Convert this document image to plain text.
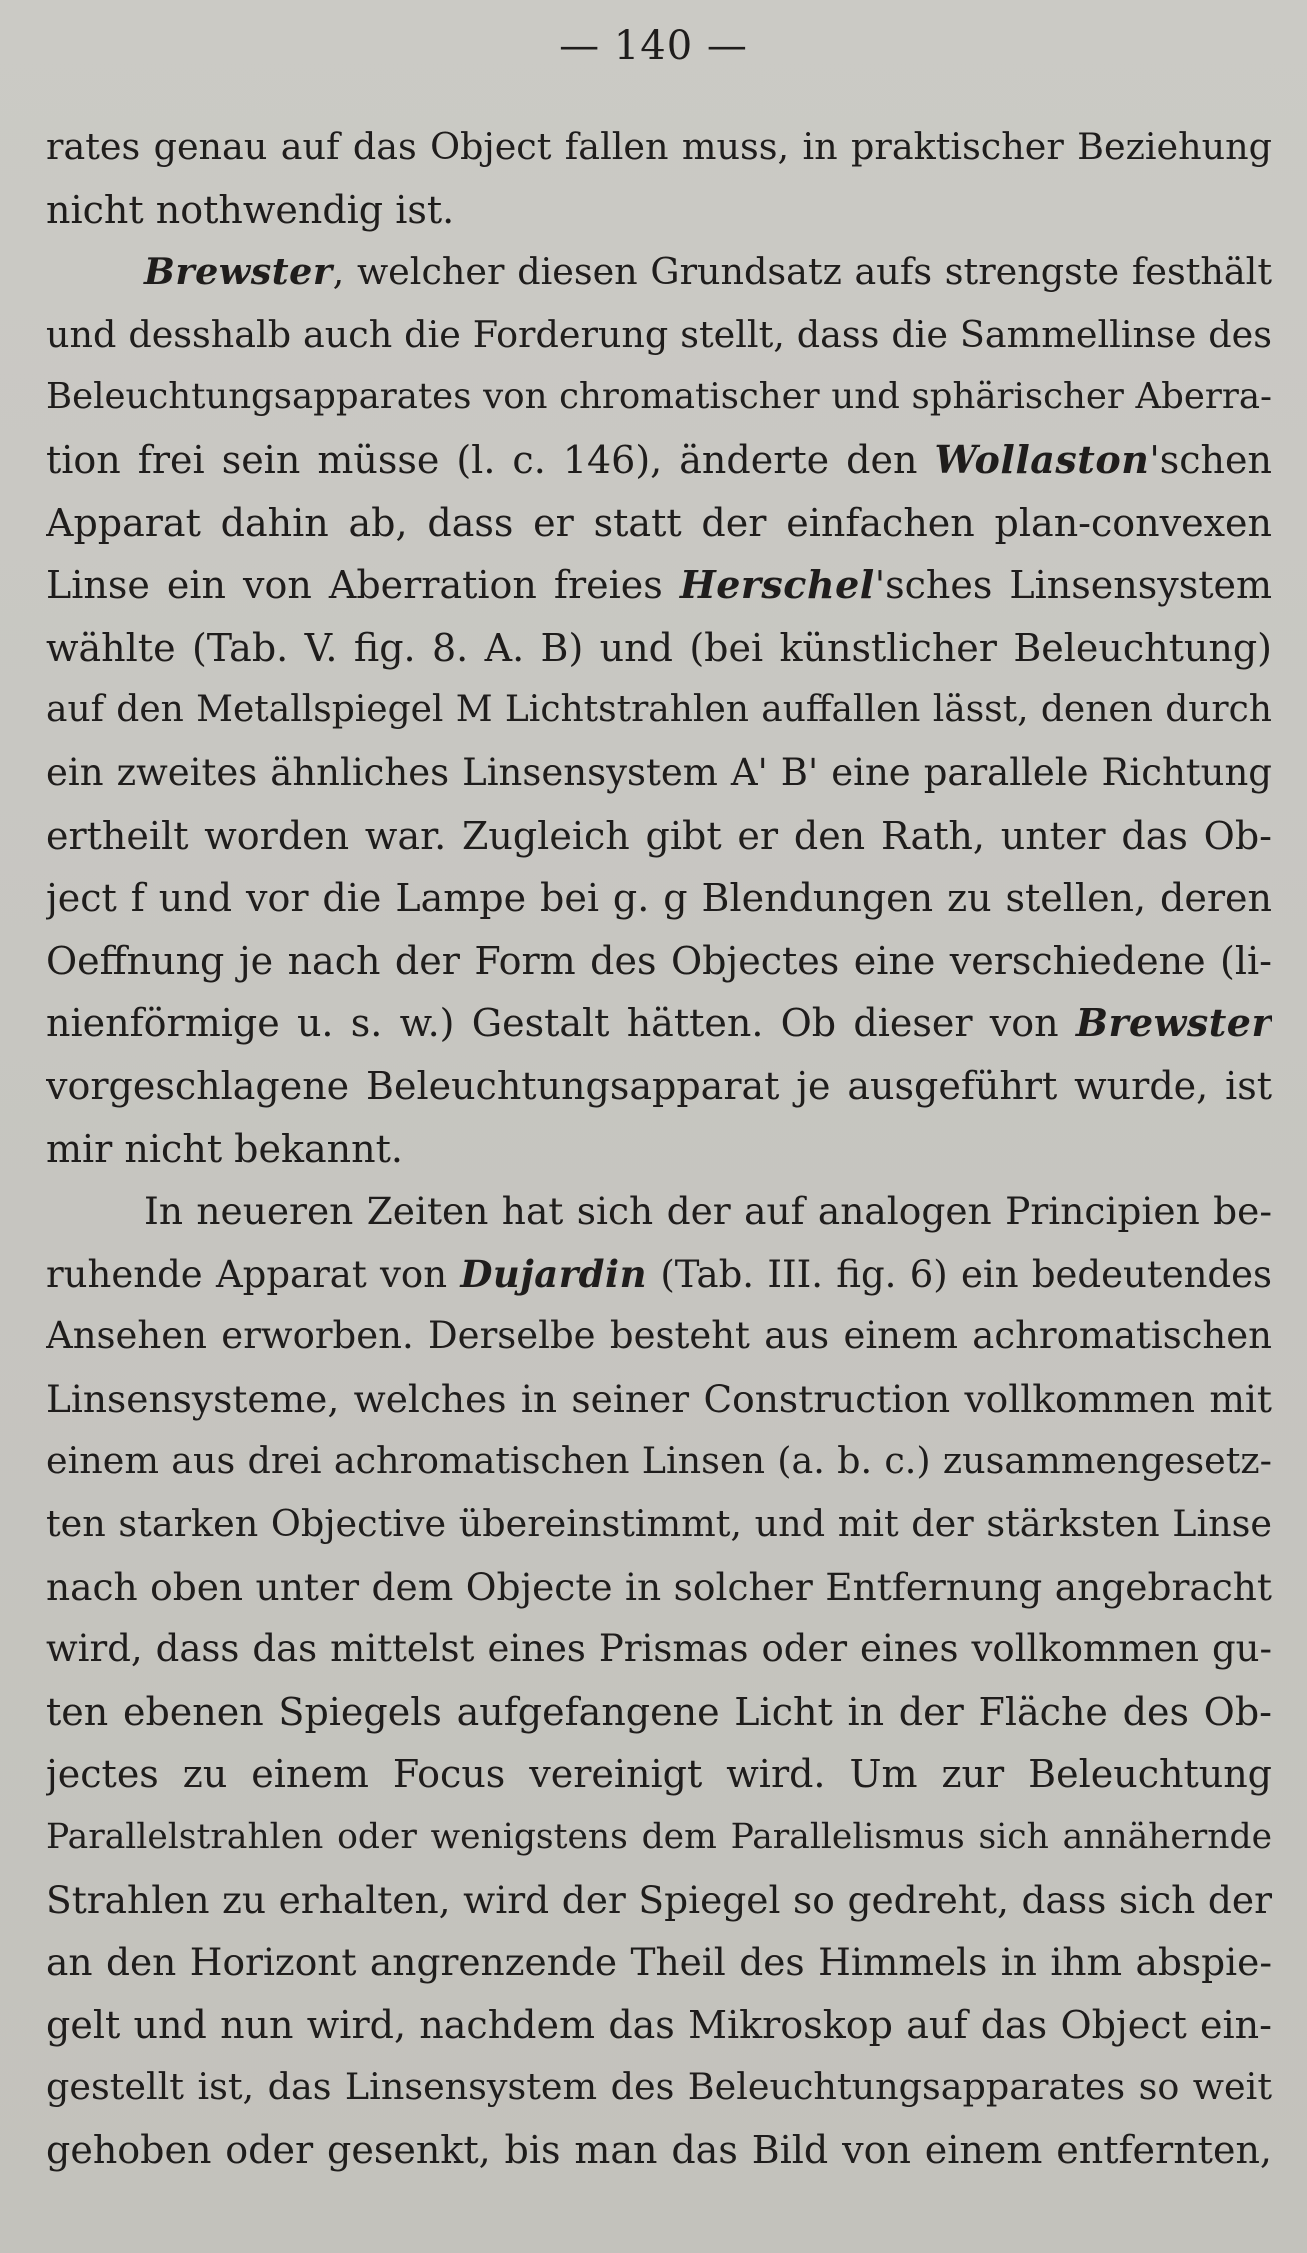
— 140 —
rates genau auf das Object fallen muss, in praktischer Beziehung
nicht nothwendig ist.
Brewster, welcher diesen Grundsatz aufs strengste festhält
und desshalb auch die Forderung stellt, dass die Sammellinse des
Beleuchtungsapparates von chromatischer und sphärischer Aberra-
tion frei sein müsse (l. c. 146), änderte den Wollaston'schen
Apparat dahin ab, dass er statt der einfachen plan-convexen
Linse ein von Aberration freies Herschel'sches Linsensystem
wählte (Tab. V. fig. 8. A. B) und (bei künstlicher Beleuchtung)
auf den Metallspiegel M Lichtstrahlen auffallen lässt, denen durch
ein zweites ähnliches Linsensystem A' B' eine parallele Richtung
ertheilt worden war. Zugleich gibt er den Rath, unter das Ob-
ject f und vor die Lampe bei g. g Blendungen zu stellen, deren
Oeffnung je nach der Form des Objectes eine verschiedene (li-
nienförmige u. s. w.) Gestalt hätten. Ob dieser von Brewster
vorgeschlagene Beleuchtungsapparat je ausgeführt wurde, ist
mir nicht bekannt.
In neueren Zeiten hat sich der auf analogen Principien be-
ruhende Apparat von Dujardin (Tab. III. fig. 6) ein bedeutendes
Ansehen erworben. Derselbe besteht aus einem achromatischen
Linsensysteme, welches in seiner Construction vollkommen mit
einem aus drei achromatischen Linsen (a. b. c.) zusammengesetz-
ten starken Objective übereinstimmt, und mit der stärksten Linse
nach oben unter dem Objecte in solcher Entfernung angebracht
wird, dass das mittelst eines Prismas oder eines vollkommen gu-
ten ebenen Spiegels aufgefangene Licht in der Fläche des Ob-
jectes zu einem Focus vereinigt wird. Um zur Beleuchtung
Parallelstrahlen oder wenigstens dem Parallelismus sich annähernde
Strahlen zu erhalten, wird der Spiegel so gedreht, dass sich der
an den Horizont angrenzende Theil des Himmels in ihm abspie-
gelt und nun wird, nachdem das Mikroskop auf das Object ein-
gestellt ist, das Linsensystem des Beleuchtungsapparates so weit
gehoben oder gesenkt, bis man das Bild von einem entfernten,
